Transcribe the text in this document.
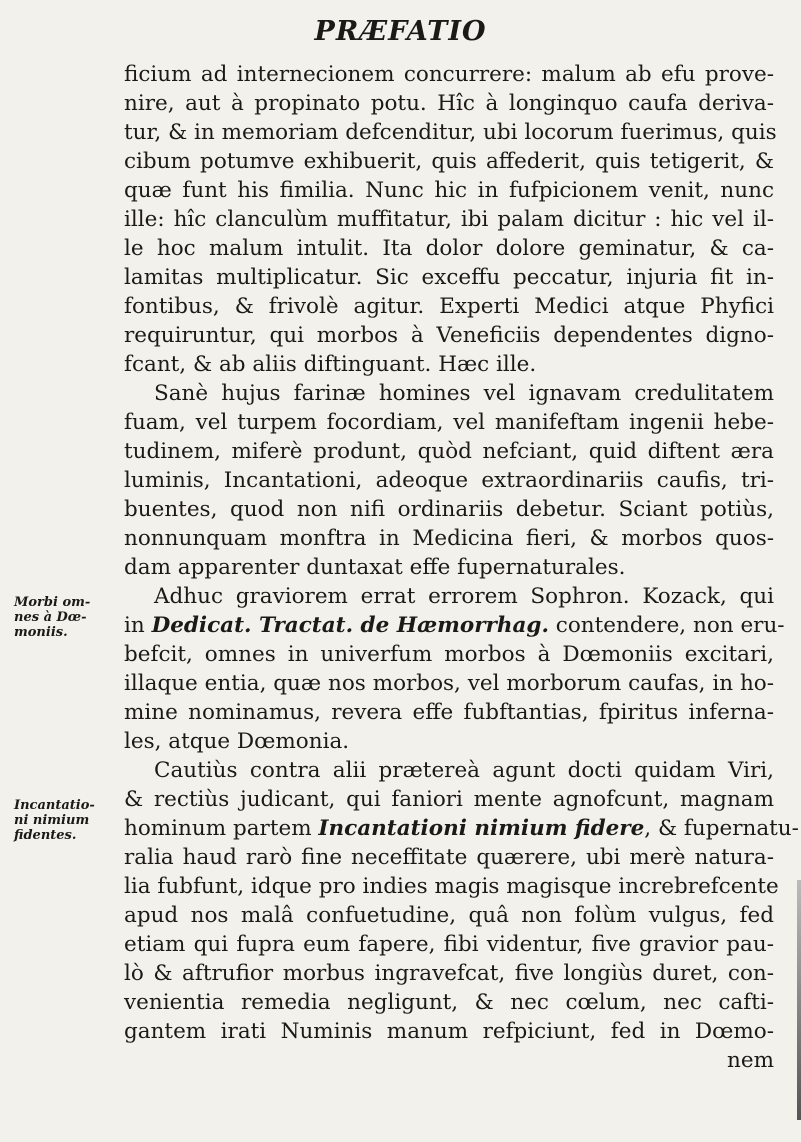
PRÆFATIO
ficium ad internecionem concurrere: malum ab efu prove-
nire, aut à propinato potu. Hîc à longinquo caufa deriva-
tur, & in memoriam defcenditur, ubi locorum fuerimus, quis
cibum potumve exhibuerit, quis affederit, quis tetigerit, &
quæ funt his fimilia. Nunc hic in fufpicionem venit, nunc
ille: hîc clanculùm muffitatur, ibi palam dicitur : hic vel il-
le hoc malum intulit. Ita dolor dolore geminatur, & ca-
lamitas multiplicatur. Sic exceffu peccatur, injuria fit in-
fontibus, & frivolè agitur. Experti Medici atque Phyfici
requiruntur, qui morbos à Veneficiis dependentes digno-
fcant, & ab aliis diftinguant. Hæc ille.
Sanè hujus farinæ homines vel ignavam credulitatem
fuam, vel turpem focordiam, vel manifeftam ingenii hebe-
tudinem, miferè produnt, quòd nefciant, quid diftent æra
luminis, Incantationi, adeoque extraordinariis caufis, tri-
buentes, quod non nifi ordinariis debetur. Sciant potiùs,
nonnunquam monftra in Medicina fieri, & morbos quos-
dam apparenter duntaxat effe fupernaturales.
Adhuc graviorem errat errorem Sophron. Kozack, qui
in Dedicat. Tractat. de Hæmorrhag. contendere, non eru-
befcit, omnes in univerfum morbos à Dœmoniis excitari,
illaque entia, quæ nos morbos, vel morborum caufas, in ho-
mine nominamus, revera effe fubftantias, fpiritus inferna-
les, atque Dœmonia.
Cautiùs contra alii prætereà agunt docti quidam Viri,
& rectiùs judicant, qui faniori mente agnofcunt, magnam
hominum partem Incantationi nimium fidere, & fupernatu-
ralia haud rarò fine neceffitate quærere, ubi merè natura-
lia fubfunt, idque pro indies magis magisque increbrefcente
apud nos malâ confuetudine, quâ non folùm vulgus, fed
etiam qui fupra eum fapere, fibi videntur, five gravior pau-
lò & aftrufior morbus ingravefcat, five longiùs duret, con-
venientia remedia negligunt, & nec cœlum, nec cafti-
gantem irati Numinis manum refpiciunt, fed in Dœmo-
nem
Morbi om-
nes à Dœ-
moniis.
Incantatio-
ni nimium
fidentes.
